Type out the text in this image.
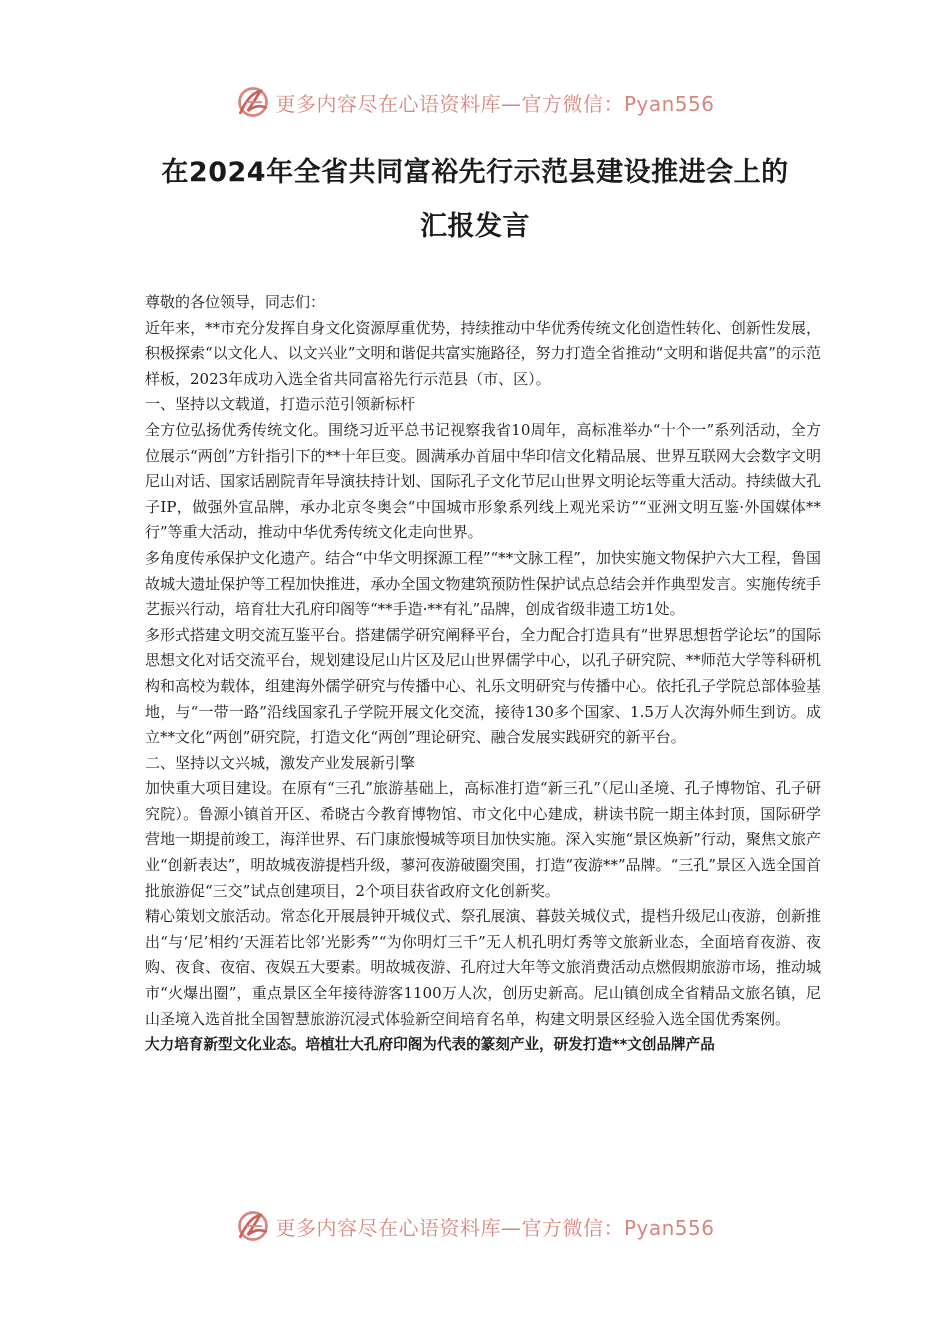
更多内容尽在心语资料库—官方微信：Pyan556
在2024年全省共同富裕先行示范县建设推进会上的
汇报发言

尊敬的各位领导，同志们：

近年来，**市充分发挥自身文化资源厚重优势，持续推动中华优秀传统文化创造性转化、创新性发展，积极探索“以文化人、以文兴业”文明和谐促共富实施路径，努力打造全省推动“文明和谐促共富”的示范样板，2023年成功入选全省共同富裕先行示范县（市、区）。

一、坚持以文载道，打造示范引领新标杆

全方位弘扬优秀传统文化。围绕习近平总书记视察我省10周年，高标准举办“十个一”系列活动，全方位展示“两创”方针指引下的**十年巨变。圆满承办首届中华印信文化精品展、世界互联网大会数字文明尼山对话、国家话剧院青年导演扶持计划、国际孔子文化节尼山世界文明论坛等重大活动。持续做大孔子IP，做强外宣品牌，承办北京冬奥会“中国城市形象系列线上观光采访”“亚洲文明互鉴·外国媒体**行”等重大活动，推动中华优秀传统文化走向世界。

多角度传承保护文化遗产。结合“中华文明探源工程”“**文脉工程”，加快实施文物保护六大工程，鲁国故城大遗址保护等工程加快推进，承办全国文物建筑预防性保护试点总结会并作典型发言。实施传统手艺振兴行动，培育壮大孔府印阁等“**手造·**有礼”品牌，创成省级非遗工坊1处。

多形式搭建文明交流互鉴平台。搭建儒学研究阐释平台，全力配合打造具有“世界思想哲学论坛”的国际思想文化对话交流平台，规划建设尼山片区及尼山世界儒学中心，以孔子研究院、**师范大学等科研机构和高校为载体，组建海外儒学研究与传播中心、礼乐文明研究与传播中心。依托孔子学院总部体验基地，与“一带一路”沿线国家孔子学院开展文化交流，接待130多个国家、1.5万人次海外师生到访。成立**文化“两创”研究院，打造文化“两创”理论研究、融合发展实践研究的新平台。

二、坚持以文兴城，激发产业发展新引擎

加快重大项目建设。在原有“三孔”旅游基础上，高标准打造“新三孔”（尼山圣境、孔子博物馆、孔子研究院）。鲁源小镇首开区、希晓古今教育博物馆、市文化中心建成，耕读书院一期主体封顶，国际研学营地一期提前竣工，海洋世界、石门康旅慢城等项目加快实施。深入实施“景区焕新”行动，聚焦文旅产业“创新表达”，明故城夜游提档升级，蓼河夜游破圈突围，打造“夜游**”品牌。“三孔”景区入选全国首批旅游促“三交”试点创建项目，2个项目获省政府文化创新奖。

精心策划文旅活动。常态化开展晨钟开城仪式、祭孔展演、暮鼓关城仪式，提档升级尼山夜游，创新推出“与‘尼’相约‘天涯若比邻’光影秀”“为你明灯三千”无人机孔明灯秀等文旅新业态，全面培育夜游、夜购、夜食、夜宿、夜娱五大要素。明故城夜游、孔府过大年等文旅消费活动点燃假期旅游市场，推动城市“火爆出圈”，重点景区全年接待游客1100万人次，创历史新高。尼山镇创成全省精品文旅名镇，尼山圣境入选首批全国智慧旅游沉浸式体验新空间培育名单，构建文明景区经验入选全国优秀案例。

大力培育新型文化业态。培植壮大孔府印阁为代表的篆刻产业，研发打造**文创品牌产品

更多内容尽在心语资料库—官方微信：Pyan556
